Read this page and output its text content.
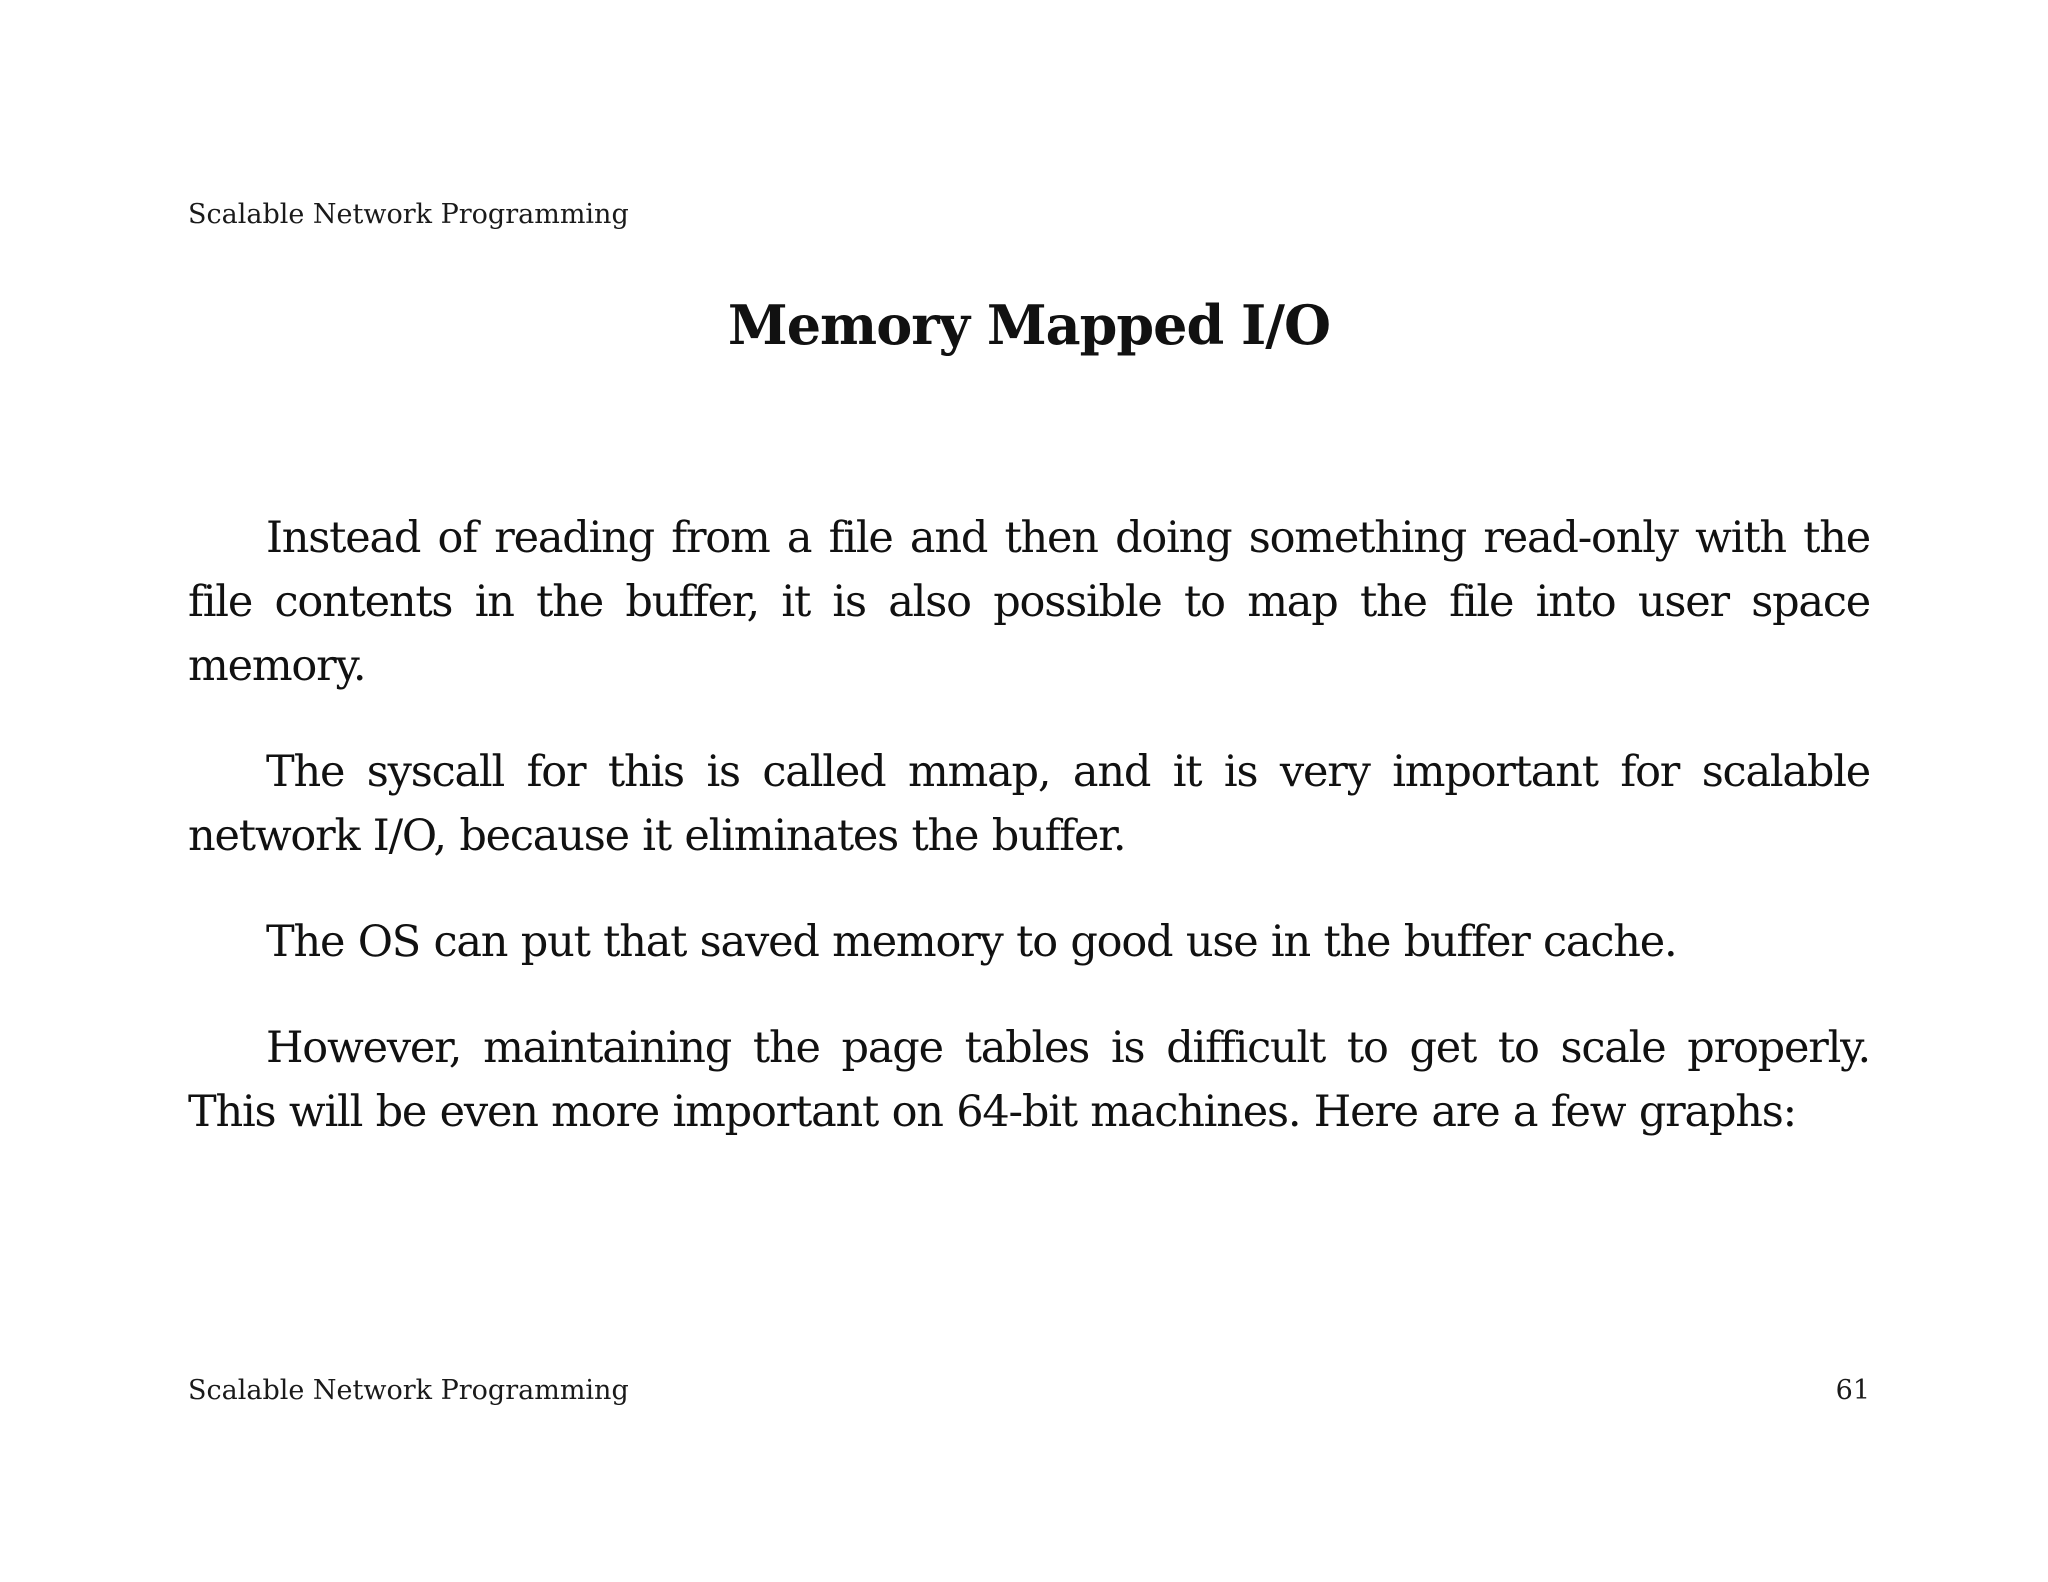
Scalable Network Programming
Memory Mapped I/O

Instead of reading from a file and then doing something read-only with the file contents in the buffer, it is also possible to map the file into user space memory.

The syscall for this is called mmap, and it is very important for scalable network I/O, because it eliminates the buffer.

The OS can put that saved memory to good use in the buffer cache.

However, maintaining the page tables is difficult to get to scale properly. This will be even more important on 64-bit machines. Here are a few graphs:

Scalable Network Programming	61
